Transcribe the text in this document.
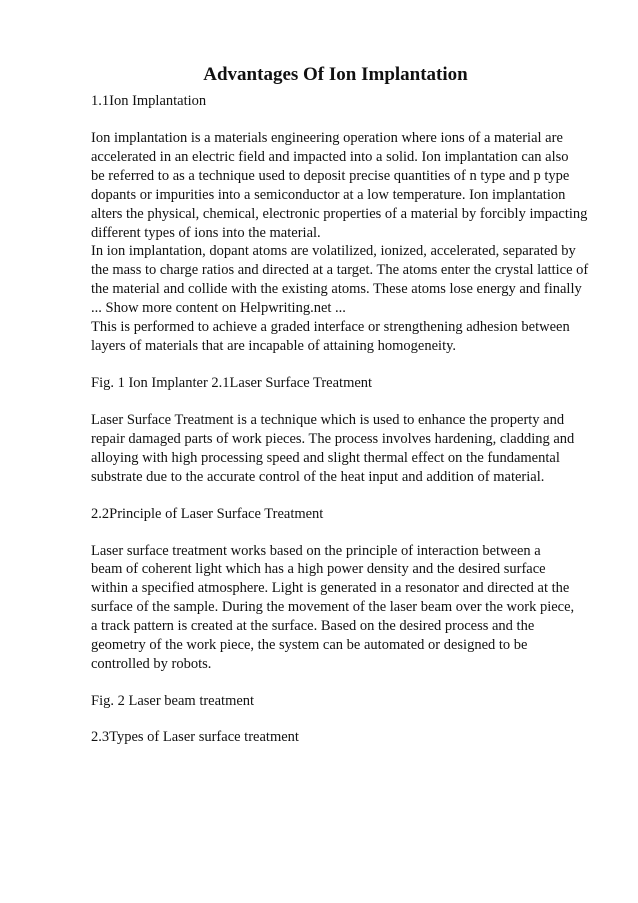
Advantages Of Ion Implantation

1.1Ion Implantation

Ion implantation is a materials engineering operation where ions of a material are
accelerated in an electric field and impacted into a solid. Ion implantation can also
be referred to as a technique used to deposit precise quantities of n type and p type
dopants or impurities into a semiconductor at a low temperature. Ion implantation
alters the physical, chemical, electronic properties of a material by forcibly impacting
different types of ions into the material.
In ion implantation, dopant atoms are volatilized, ionized, accelerated, separated by
the mass to charge ratios and directed at a target. The atoms enter the crystal lattice of
the material and collide with the existing atoms. These atoms lose energy and finally
... Show more content on Helpwriting.net ...
This is performed to achieve a graded interface or strengthening adhesion between
layers of materials that are incapable of attaining homogeneity.

Fig. 1 Ion Implanter 2.1Laser Surface Treatment

Laser Surface Treatment is a technique which is used to enhance the property and
repair damaged parts of work pieces. The process involves hardening, cladding and
alloying with high processing speed and slight thermal effect on the fundamental
substrate due to the accurate control of the heat input and addition of material.

2.2Principle of Laser Surface Treatment

Laser surface treatment works based on the principle of interaction between a
beam of coherent light which has a high power density and the desired surface
within a specified atmosphere. Light is generated in a resonator and directed at the
surface of the sample. During the movement of the laser beam over the work piece,
a track pattern is created at the surface. Based on the desired process and the
geometry of the work piece, the system can be automated or designed to be
controlled by robots.

Fig. 2 Laser beam treatment

2.3Types of Laser surface treatment
